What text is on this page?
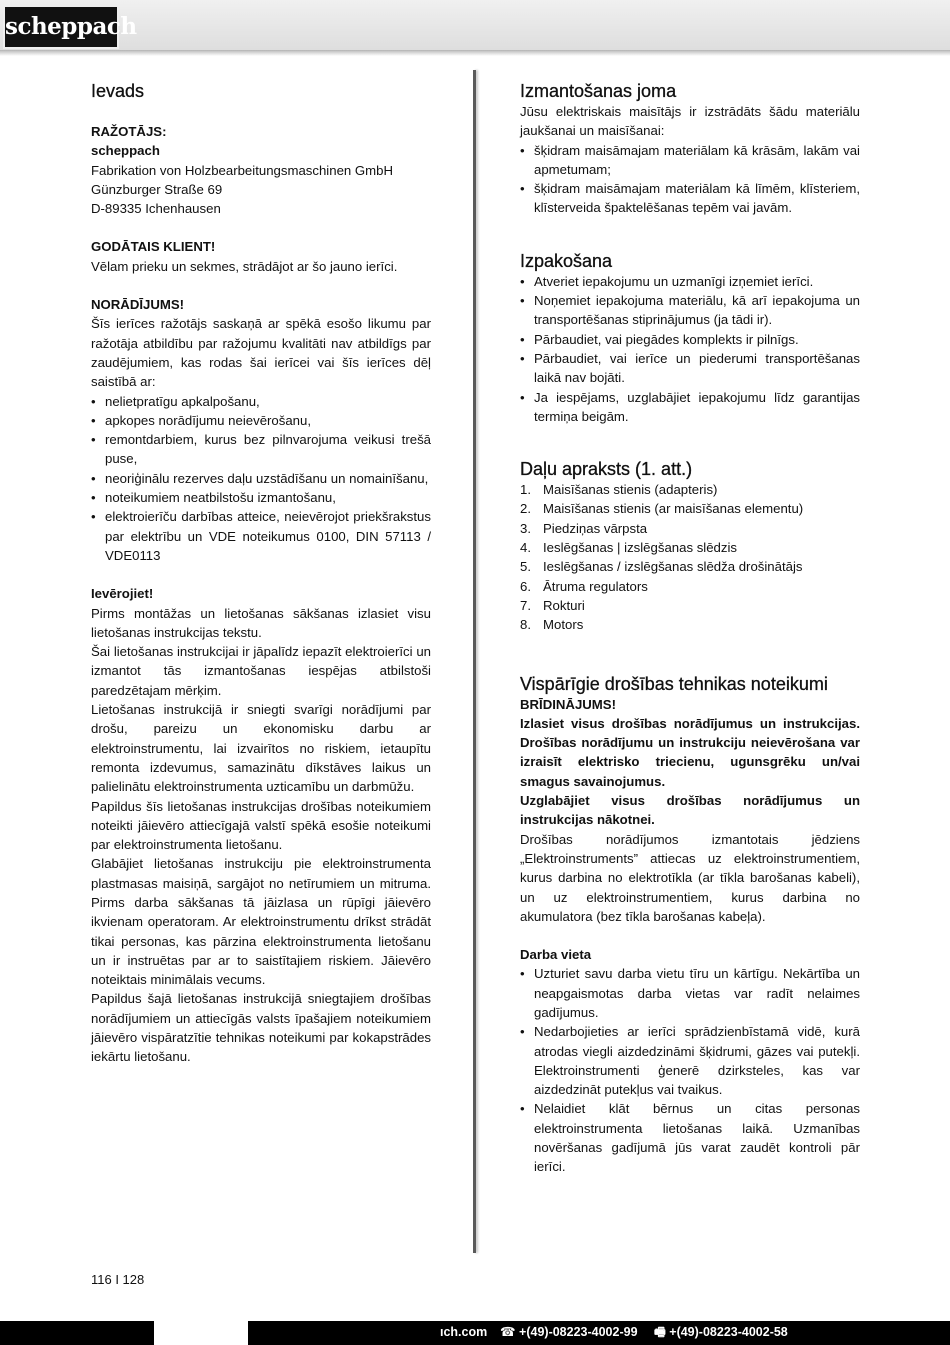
scheppach
Ievads

RAŽOTĀJS:

scheppach

Fabrikation von Holzbearbeitungsmaschinen GmbH

Günzburger Straße 69

D-89335 Ichenhausen

GODĀTAIS KLIENT!

Vēlam prieku un sekmes, strādājot ar šo jauno ierīci.

NORĀDĪJUMS!

Šīs ierīces ražotājs saskaņā ar spēkā esošo likumu par ražotāja atbildību par ražojumu kvalitāti nav atbildīgs par zaudējumiem, kas rodas šai ierīcei vai šīs ierīces dēļ saistībā ar:

• nelietpratīgu apkalpošanu,
• apkopes norādījumu neievērošanu,
• remontdarbiem, kurus bez pilnvarojuma veikusi trešā puse,
• neoriģinālu rezerves daļu uzstādīšanu un nomainīšanu,
• noteikumiem neatbilstošu izmantošanu,
• elektroierīču darbības atteice, neievērojot priekšrakstus par elektrību un VDE noteikumus 0100, DIN 57113 / VDE0113

Ievērojiet!

Pirms montāžas un lietošanas sākšanas izlasiet visu lietošanas instrukcijas tekstu.

Šai lietošanas instrukcijai ir jāpalīdz iepazīt elektroierīci un izmantot tās izmantošanas iespējas atbilstoši paredzētajam mērķim.

Lietošanas instrukcijā ir sniegti svarīgi norādījumi par drošu, pareizu un ekonomisku darbu ar elektroinstrumentu, lai izvairītos no riskiem, ietaupītu remonta izdevumus, samazinātu dīkstāves laikus un palielinātu elektroinstrumenta uzticamību un darbmūžu.

Papildus šīs lietošanas instrukcijas drošības noteikumiem noteikti jāievēro attiecīgajā valstī spēkā esošie noteikumi par elektroinstrumenta lietošanu.

Glabājiet lietošanas instrukciju pie elektroinstrumenta plastmasas maisiņā, sargājot no netīrumiem un mitruma. Pirms darba sākšanas tā jāizlasa un rūpīgi jāievēro ikvienam operatoram. Ar elektroinstrumentu drīkst strādāt tikai personas, kas pārzina elektroinstrumenta lietošanu un ir instruētas par ar to saistītajiem riskiem. Jāievēro noteiktais minimālais vecums.

Papildus šajā lietošanas instrukcijā sniegtajiem drošības norādījumiem un attiecīgās valsts īpašajiem noteikumiem jāievēro vispāratzītie tehnikas noteikumi par kokapstrādes iekārtu lietošanu.

Izmantošanas joma

Jūsu elektriskais maisītājs ir izstrādāts šādu materiālu jaukšanai un maisīšanai:

• šķidram maisāmajam materiālam kā krāsām, lakām vai apmetumam;
• šķidram maisāmajam materiālam kā līmēm, klīsteriem, klīsterveida špaktelēšanas tepēm vai javām.
Izpakošana
• Atveriet iepakojumu un uzmanīgi izņemiet ierīci.
• Noņemiet iepakojuma materiālu, kā arī iepakojuma un transportēšanas stiprinājumus (ja tādi ir).
• Pārbaudiet, vai piegādes komplekts ir pilnīgs.
• Pārbaudiet, vai ierīce un piederumi transportēšanas laikā nav bojāti.
• Ja iespējams, uzglabājiet iepakojumu līdz garantijas termiņa beigām.
Daļu apraksts (1. att.)
1. Maisīšanas stienis (adapteris)
2. Maisīšanas stienis (ar maisīšanas elementu)
3. Piedziņas vārpsta
4. Ieslēgšanas | izslēgšanas slēdzis
5. Ieslēgšanas / izslēgšanas slēdža drošinātājs
6. Ātruma regulators
7. Rokturi
8. Motors
Vispārīgie drošības tehnikas noteikumi

BRĪDINĀJUMS!

Izlasiet visus drošības norādījumus un instrukcijas. Drošības norādījumu un instrukciju neievērošana var izraisīt elektrisko triecienu, ugunsgrēku un/vai smagus savainojumus.

Uzglabājiet visus drošības norādījumus un instrukcijas nākotnei.

Drošības norādījumos izmantotais jēdziens „Elektroinstruments” attiecas uz elektroinstrumentiem, kurus darbina no elektrotīkla (ar tīkla barošanas kabeli), un uz elektroinstrumentiem, kurus darbina no akumulatora (bez tīkla barošanas kabeļa).

Darba vieta

• Uzturiet savu darba vietu tīru un kārtīgu. Nekārtība un neapgaismotas darba vietas var radīt nelaimes gadījumus.
• Nedarbojieties ar ierīci sprādzienbīstamā vidē, kurā atrodas viegli aizdedzināmi šķidrumi, gāzes vai putekļi. Elektroinstrumenti ģenerē dzirksteles, kas var aizdedzināt putekļus vai tvaikus.
• Nelaidiet klāt bērnus un citas personas elektroinstrumenta lietošanas laikā. Uzmanības novēršanas gadījumā jūs varat zaudēt kontroli pār ierīci.
116 I 128
ıch.com ☎ +(49)-08223-4002-99 🖷 +(49)-08223-4002-58
